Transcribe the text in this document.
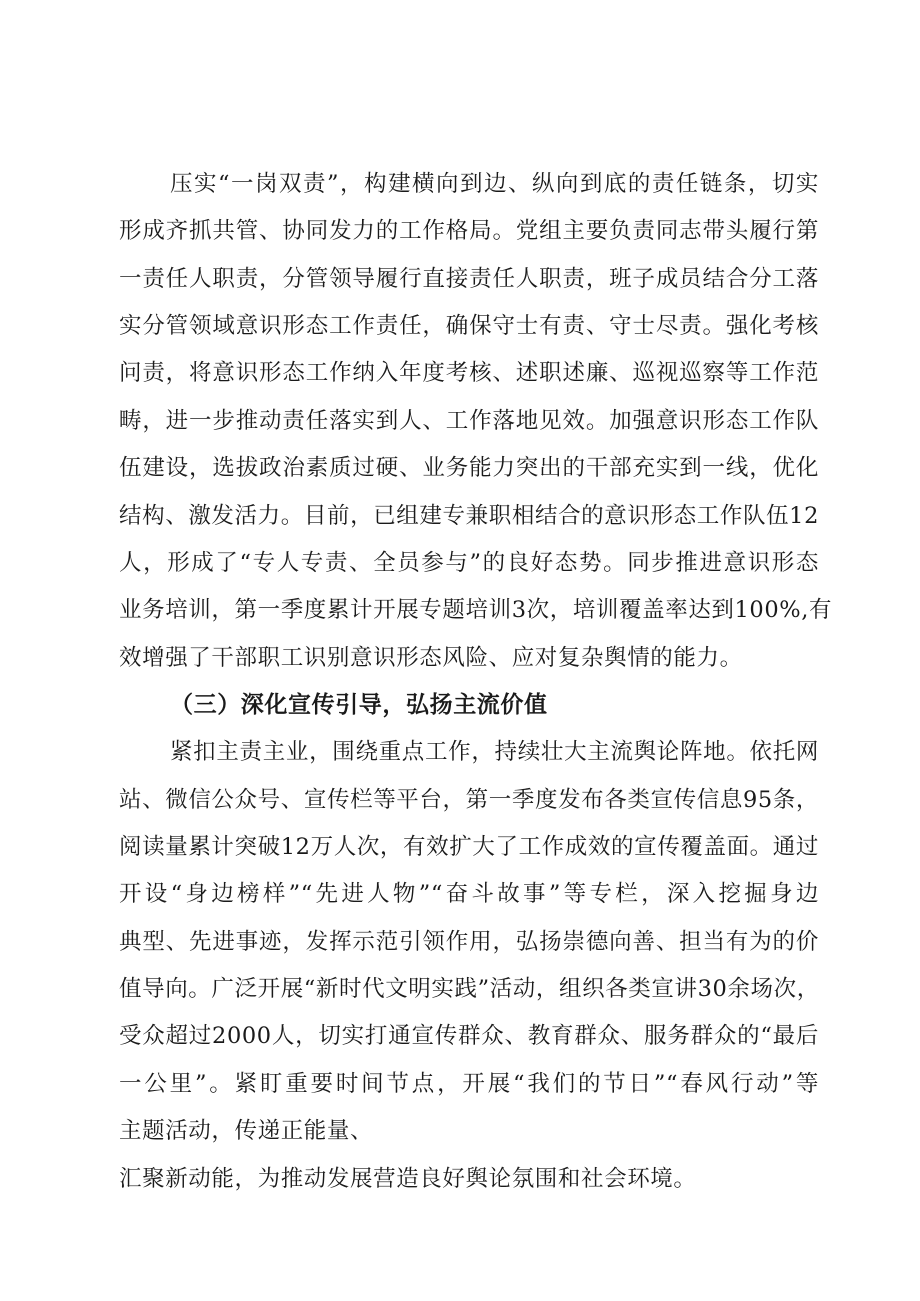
压实“一岗双责”，构建横向到边、纵向到底的责任链条，切实
形成齐抓共管、协同发力的工作格局。党组主要负责同志带头履行第
一责任人职责，分管领导履行直接责任人职责，班子成员结合分工落
实分管领域意识形态工作责任，确保守士有责、守士尽责。强化考核
问责，将意识形态工作纳入年度考核、述职述廉、巡视巡察等工作范
畴，进一步推动责任落实到人、工作落地见效。加强意识形态工作队
伍建设，选拔政治素质过硬、业务能力突出的干部充实到一线，优化
结构、激发活力。目前，已组建专兼职相结合的意识形态工作队伍12
人，形成了“专人专责、全员参与”的良好态势。同步推进意识形态
业务培训，第一季度累计开展专题培训3次，培训覆盖率达到100%,有
效增强了干部职工识别意识形态风险、应对复杂舆情的能力。
（三）深化宣传引导，弘扬主流价值
紧扣主责主业，围绕重点工作，持续壮大主流舆论阵地。依托网
站、微信公众号、宣传栏等平台，第一季度发布各类宣传信息95条，
阅读量累计突破12万人次，有效扩大了工作成效的宣传覆盖面。通过
开设“身边榜样”“先进人物”“奋斗故事”等专栏，深入挖掘身边
典型、先进事迹，发挥示范引领作用，弘扬崇德向善、担当有为的价
值导向。广泛开展“新时代文明实践”活动，组织各类宣讲30余场次，
受众超过2000人，切实打通宣传群众、教育群众、服务群众的“最后
一公里”。紧盯重要时间节点，开展“我们的节日”“春风行动”等
主题活动，传递正能量、
汇聚新动能，为推动发展营造良好舆论氛围和社会环境。
